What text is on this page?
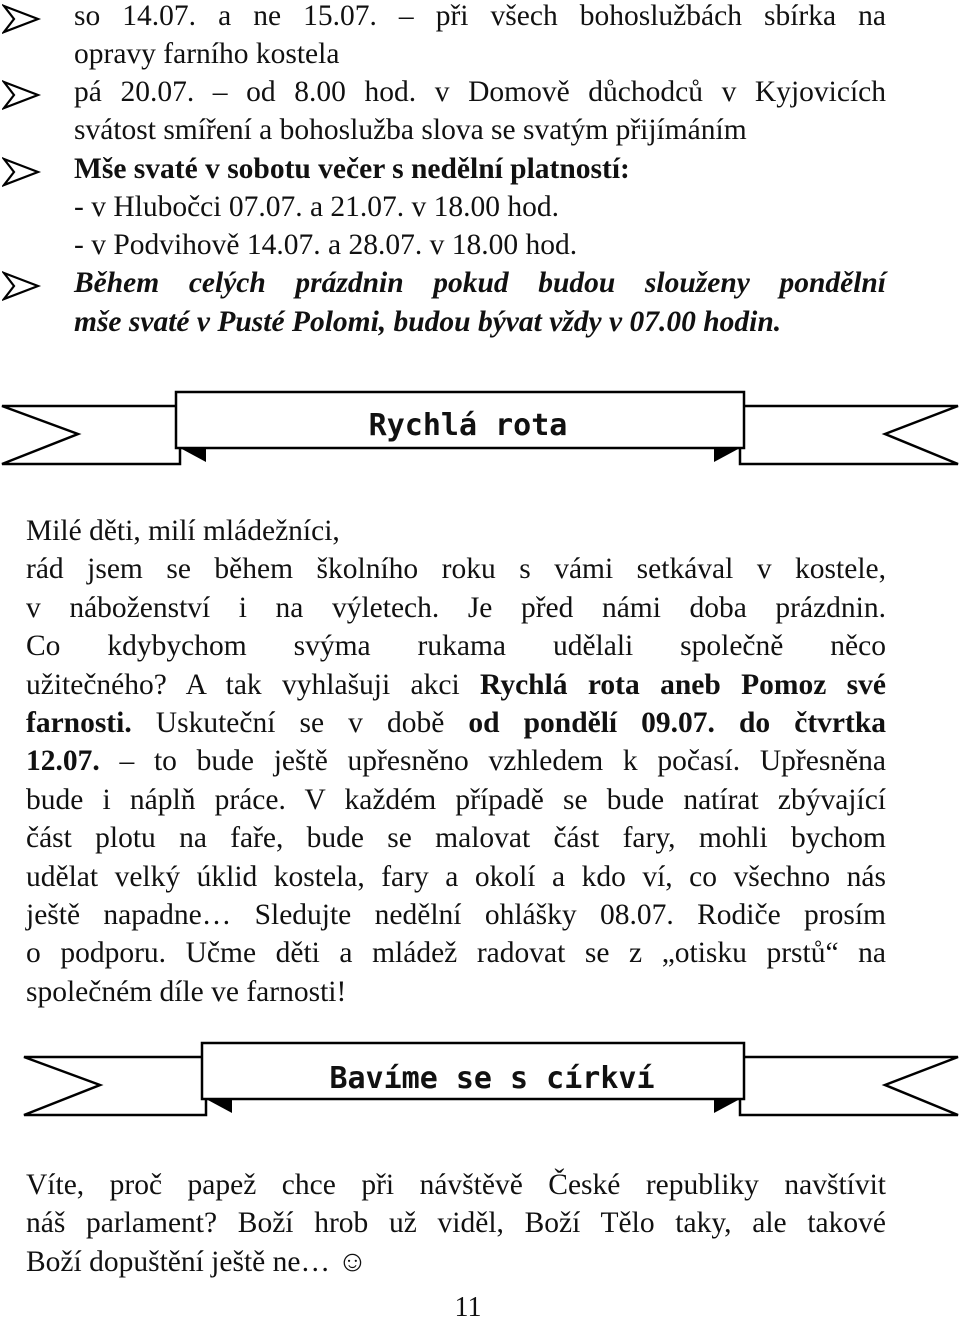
so 14.07. a ne 15.07. – při všech bohoslužbách sbírka na
opravy farního kostela
pá 20.07. – od 8.00 hod. v Domově důchodců v Kyjovicích
svátost smíření a bohoslužba slova se svatým přijímáním
Mše svaté v sobotu večer s nedělní platností:
- v Hlubočci 07.07. a 21.07. v 18.00 hod.
- v Podvihově 14.07. a 28.07. v 18.00 hod.
Během celých prázdnin pokud budou slouženy pondělní
mše svaté v Pusté Polomi, budou bývat vždy v 07.00 hodin.
Rychlá rota
Milé děti, milí mládežníci,
rád jsem se během školního roku s vámi setkával v kostele,
v náboženství i na výletech. Je před námi doba prázdnin.
Co kdybychom svýma rukama udělali společně něco
užitečného? A tak vyhlašuji akci Rychlá rota aneb Pomoz své
farnosti. Uskuteční se v době od pondělí 09.07. do čtvrtka
12.07. – to bude ještě upřesněno vzhledem k počasí. Upřesněna
bude i náplň práce. V každém případě se bude natírat zbývající
část plotu na faře, bude se malovat část fary, mohli bychom
udělat velký úklid kostela, fary a okolí a kdo ví, co všechno nás
ještě napadne… Sledujte nedělní ohlášky 08.07. Rodiče prosím
o podporu. Učme děti a mládež radovat se z „otisku prstů“ na
společném díle ve farnosti!
Bavíme se s církví
Víte, proč papež chce při návštěvě České republiky navštívit
náš parlament? Boží hrob už viděl, Boží Tělo taky, ale takové
Boží dopuštění ještě ne… ☺
11
